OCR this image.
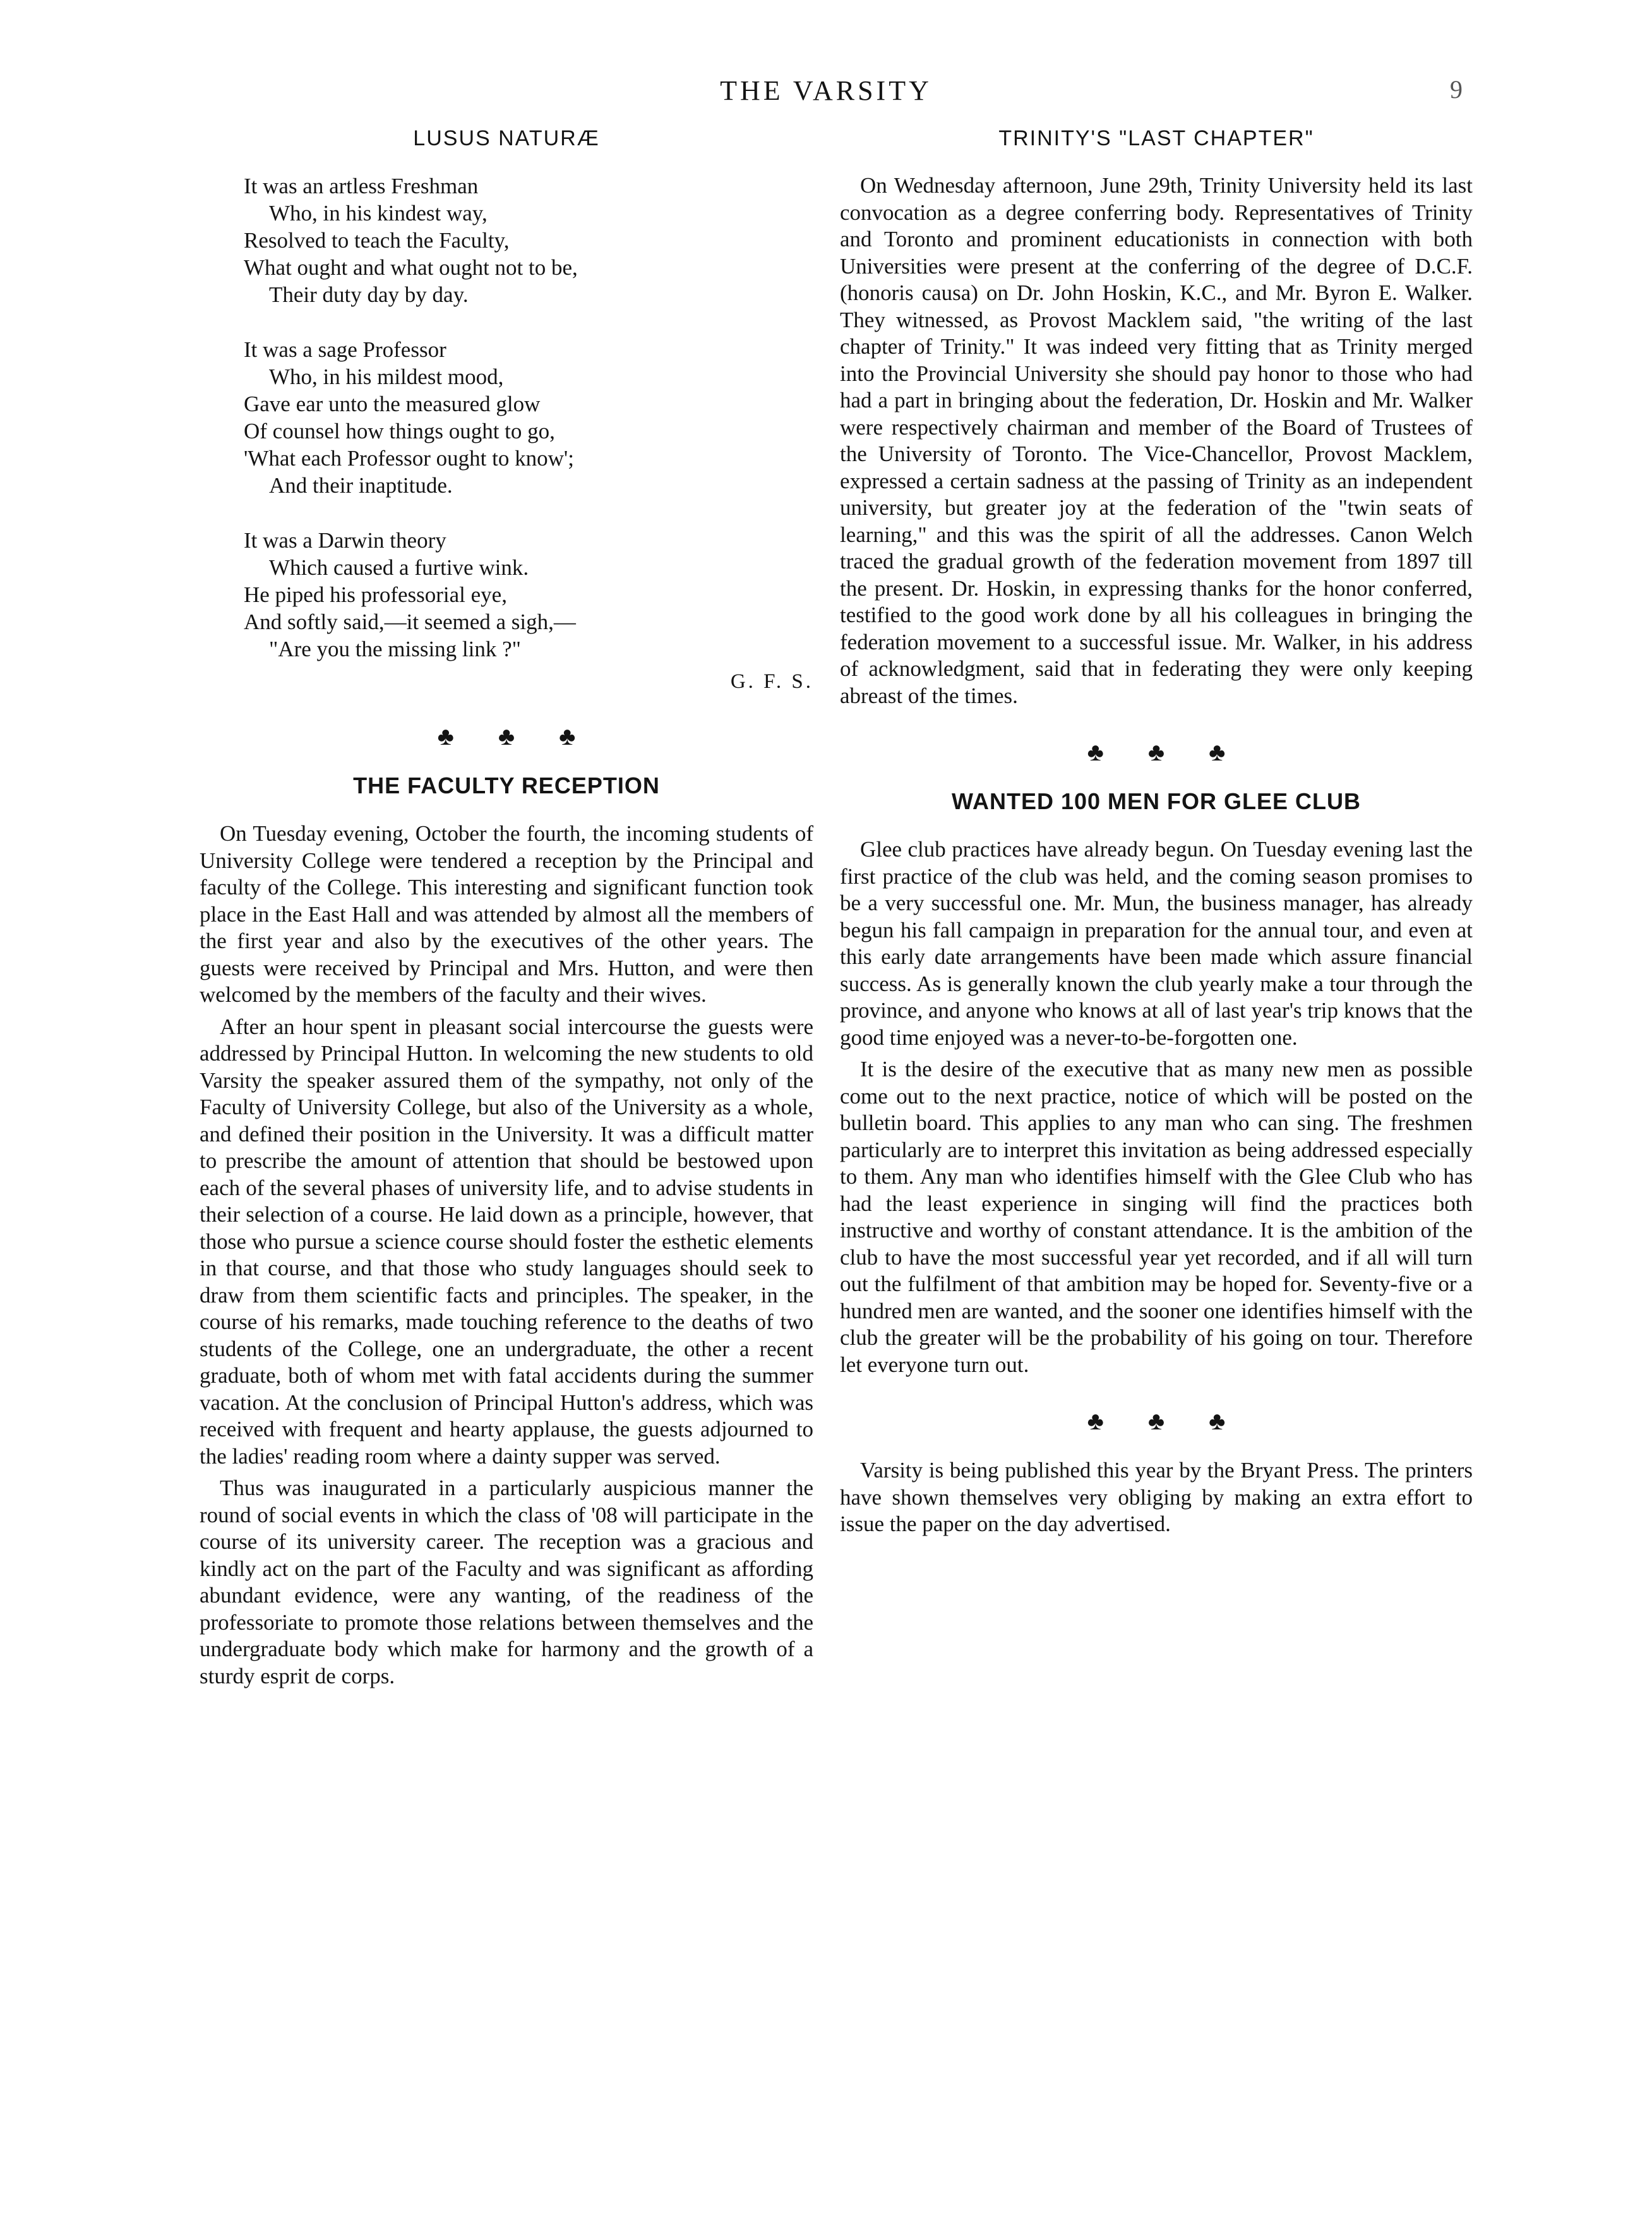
THE VARSITY	9
LUSUS NATURÆ
It was an artless Freshman
Who, in his kindest way,
Resolved to teach the Faculty,
What ought and what ought not to be,
Their duty day by day.
It was a sage Professor
Who, in his mildest mood,
Gave ear unto the measured glow
Of counsel how things ought to go,
'What each Professor ought to know';
And their inaptitude.
It was a Darwin theory
Which caused a furtive wink.
He piped his professorial eye,
And softly said,—it seemed a sigh,—
"Are you the missing link ?"
G. F. S.
♣ ♣ ♣
THE FACULTY RECEPTION

On Tuesday evening, October the fourth, the incoming students of University College were tendered a reception by the Principal and faculty of the College. This interesting and significant function took place in the East Hall and was attended by almost all the members of the first year and also by the executives of the other years. The guests were received by Principal and Mrs. Hutton, and were then welcomed by the members of the faculty and their wives.

After an hour spent in pleasant social intercourse the guests were addressed by Principal Hutton. In welcoming the new students to old Varsity the speaker assured them of the sympathy, not only of the Faculty of University College, but also of the University as a whole, and defined their position in the University. It was a difficult matter to prescribe the amount of attention that should be bestowed upon each of the several phases of university life, and to advise students in their selection of a course. He laid down as a principle, however, that those who pursue a science course should foster the esthetic elements in that course, and that those who study languages should seek to draw from them scientific facts and principles. The speaker, in the course of his remarks, made touching reference to the deaths of two students of the College, one an undergraduate, the other a recent graduate, both of whom met with fatal accidents during the summer vacation. At the conclusion of Principal Hutton's address, which was received with frequent and hearty applause, the guests adjourned to the ladies' reading room where a dainty supper was served.

Thus was inaugurated in a particularly auspicious manner the round of social events in which the class of '08 will participate in the course of its university career. The reception was a gracious and kindly act on the part of the Faculty and was significant as affording abundant evidence, were any wanting, of the readiness of the professoriate to promote those relations between themselves and the undergraduate body which make for harmony and the growth of a sturdy esprit de corps.

TRINITY'S "LAST CHAPTER"

On Wednesday afternoon, June 29th, Trinity University held its last convocation as a degree conferring body. Representatives of Trinity and Toronto and prominent educationists in connection with both Universities were present at the conferring of the degree of D.C.F. (honoris causa) on Dr. John Hoskin, K.C., and Mr. Byron E. Walker. They witnessed, as Provost Macklem said, "the writing of the last chapter of Trinity." It was indeed very fitting that as Trinity merged into the Provincial University she should pay honor to those who had had a part in bringing about the federation, Dr. Hoskin and Mr. Walker were respectively chairman and member of the Board of Trustees of the University of Toronto. The Vice-Chancellor, Provost Macklem, expressed a certain sadness at the passing of Trinity as an independent university, but greater joy at the federation of the "twin seats of learning," and this was the spirit of all the addresses. Canon Welch traced the gradual growth of the federation movement from 1897 till the present. Dr. Hoskin, in expressing thanks for the honor conferred, testified to the good work done by all his colleagues in bringing the federation movement to a successful issue. Mr. Walker, in his address of acknowledgment, said that in federating they were only keeping abreast of the times.

♣ ♣ ♣
WANTED 100 MEN FOR GLEE CLUB

Glee club practices have already begun. On Tuesday evening last the first practice of the club was held, and the coming season promises to be a very successful one. Mr. Mun, the business manager, has already begun his fall campaign in preparation for the annual tour, and even at this early date arrangements have been made which assure financial success. As is generally known the club yearly make a tour through the province, and anyone who knows at all of last year's trip knows that the good time enjoyed was a never-to-be-forgotten one.

It is the desire of the executive that as many new men as possible come out to the next practice, notice of which will be posted on the bulletin board. This applies to any man who can sing. The freshmen particularly are to interpret this invitation as being addressed especially to them. Any man who identifies himself with the Glee Club who has had the least experience in singing will find the practices both instructive and worthy of constant attendance. It is the ambition of the club to have the most successful year yet recorded, and if all will turn out the fulfilment of that ambition may be hoped for. Seventy-five or a hundred men are wanted, and the sooner one identifies himself with the club the greater will be the probability of his going on tour. Therefore let everyone turn out.

♣ ♣ ♣

Varsity is being published this year by the Bryant Press. The printers have shown themselves very obliging by making an extra effort to issue the paper on the day advertised.
